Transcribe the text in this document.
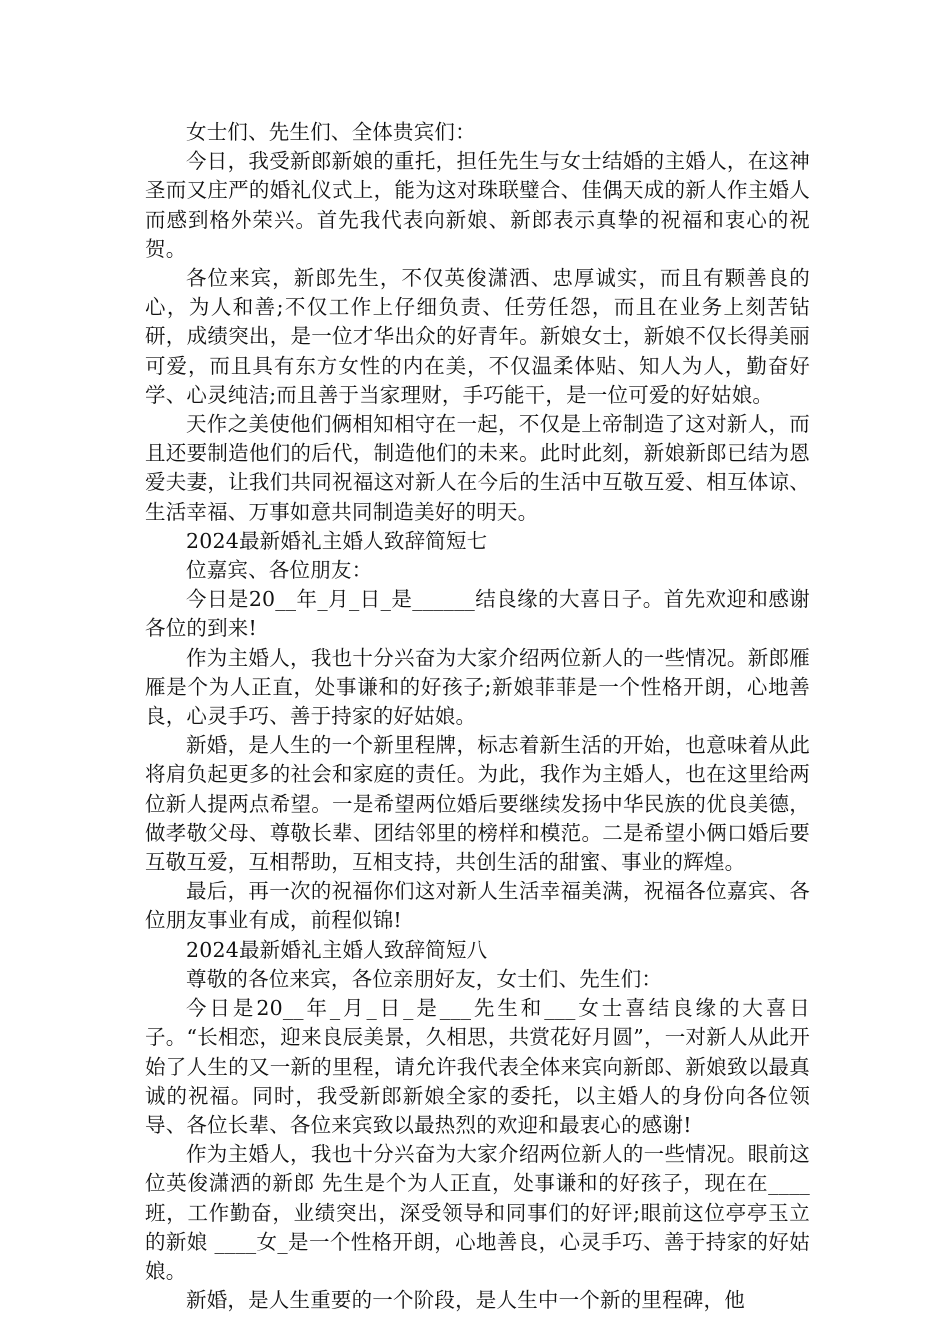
女士们、先生们、全体贵宾们：

今日，我受新郎新娘的重托，担任先生与女士结婚的主婚人，在这神圣而又庄严的婚礼仪式上，能为这对珠联璧合、佳偶天成的新人作主婚人而感到格外荣兴。首先我代表向新娘、新郎表示真挚的祝福和衷心的祝贺。

各位来宾，新郎先生，不仅英俊潇洒、忠厚诚实，而且有颗善良的心，为人和善;不仅工作上仔细负责、任劳任怨，而且在业务上刻苦钻研，成绩突出，是一位才华出众的好青年。新娘女士，新娘不仅长得美丽可爱，而且具有东方女性的内在美，不仅温柔体贴、知人为人，勤奋好学、心灵纯洁;而且善于当家理财，手巧能干，是一位可爱的好姑娘。

天作之美使他们俩相知相守在一起，不仅是上帝制造了这对新人，而且还要制造他们的后代，制造他们的未来。此时此刻，新娘新郎已结为恩爱夫妻，让我们共同祝福这对新人在今后的生活中互敬互爱、相互体谅、生活幸福、万事如意共同制造美好的明天。

2024最新婚礼主婚人致辞简短七

位嘉宾、各位朋友：

今日是20__年_月_日_是______结良缘的大喜日子。首先欢迎和感谢各位的到来!

作为主婚人，我也十分兴奋为大家介绍两位新人的一些情况。新郎雁雁是个为人正直，处事谦和的好孩子;新娘菲菲是一个性格开朗，心地善良，心灵手巧、善于持家的好姑娘。

新婚，是人生的一个新里程牌，标志着新生活的开始，也意味着从此将肩负起更多的社会和家庭的责任。为此，我作为主婚人，也在这里给两位新人提两点希望。一是希望两位婚后要继续发扬中华民族的优良美德，做孝敬父母、尊敬长辈、团结邻里的榜样和模范。二是希望小俩口婚后要互敬互爱，互相帮助，互相支持，共创生活的甜蜜、事业的辉煌。

最后，再一次的祝福你们这对新人生活幸福美满，祝福各位嘉宾、各位朋友事业有成，前程似锦!

2024最新婚礼主婚人致辞简短八

尊敬的各位来宾，各位亲朋好友，女士们、先生们：

今日是20__年_月_日_是___先生和___女士喜结良缘的大喜日子。“长相恋，迎来良辰美景，久相思，共赏花好月圆”，一对新人从此开始了人生的又一新的里程，请允许我代表全体来宾向新郎、新娘致以最真诚的祝福。同时，我受新郎新娘全家的委托，以主婚人的身份向各位领导、各位长辈、各位来宾致以最热烈的欢迎和最衷心的感谢!

作为主婚人，我也十分兴奋为大家介绍两位新人的一些情况。眼前这位英俊潇洒的新郎 先生是个为人正直，处事谦和的好孩子，现在在____班，工作勤奋，业绩突出，深受领导和同事们的好评;眼前这位亭亭玉立的新娘 ____女_是一个性格开朗，心地善良，心灵手巧、善于持家的好姑娘。

新婚，是人生重要的一个阶段，是人生中一个新的里程碑，他
